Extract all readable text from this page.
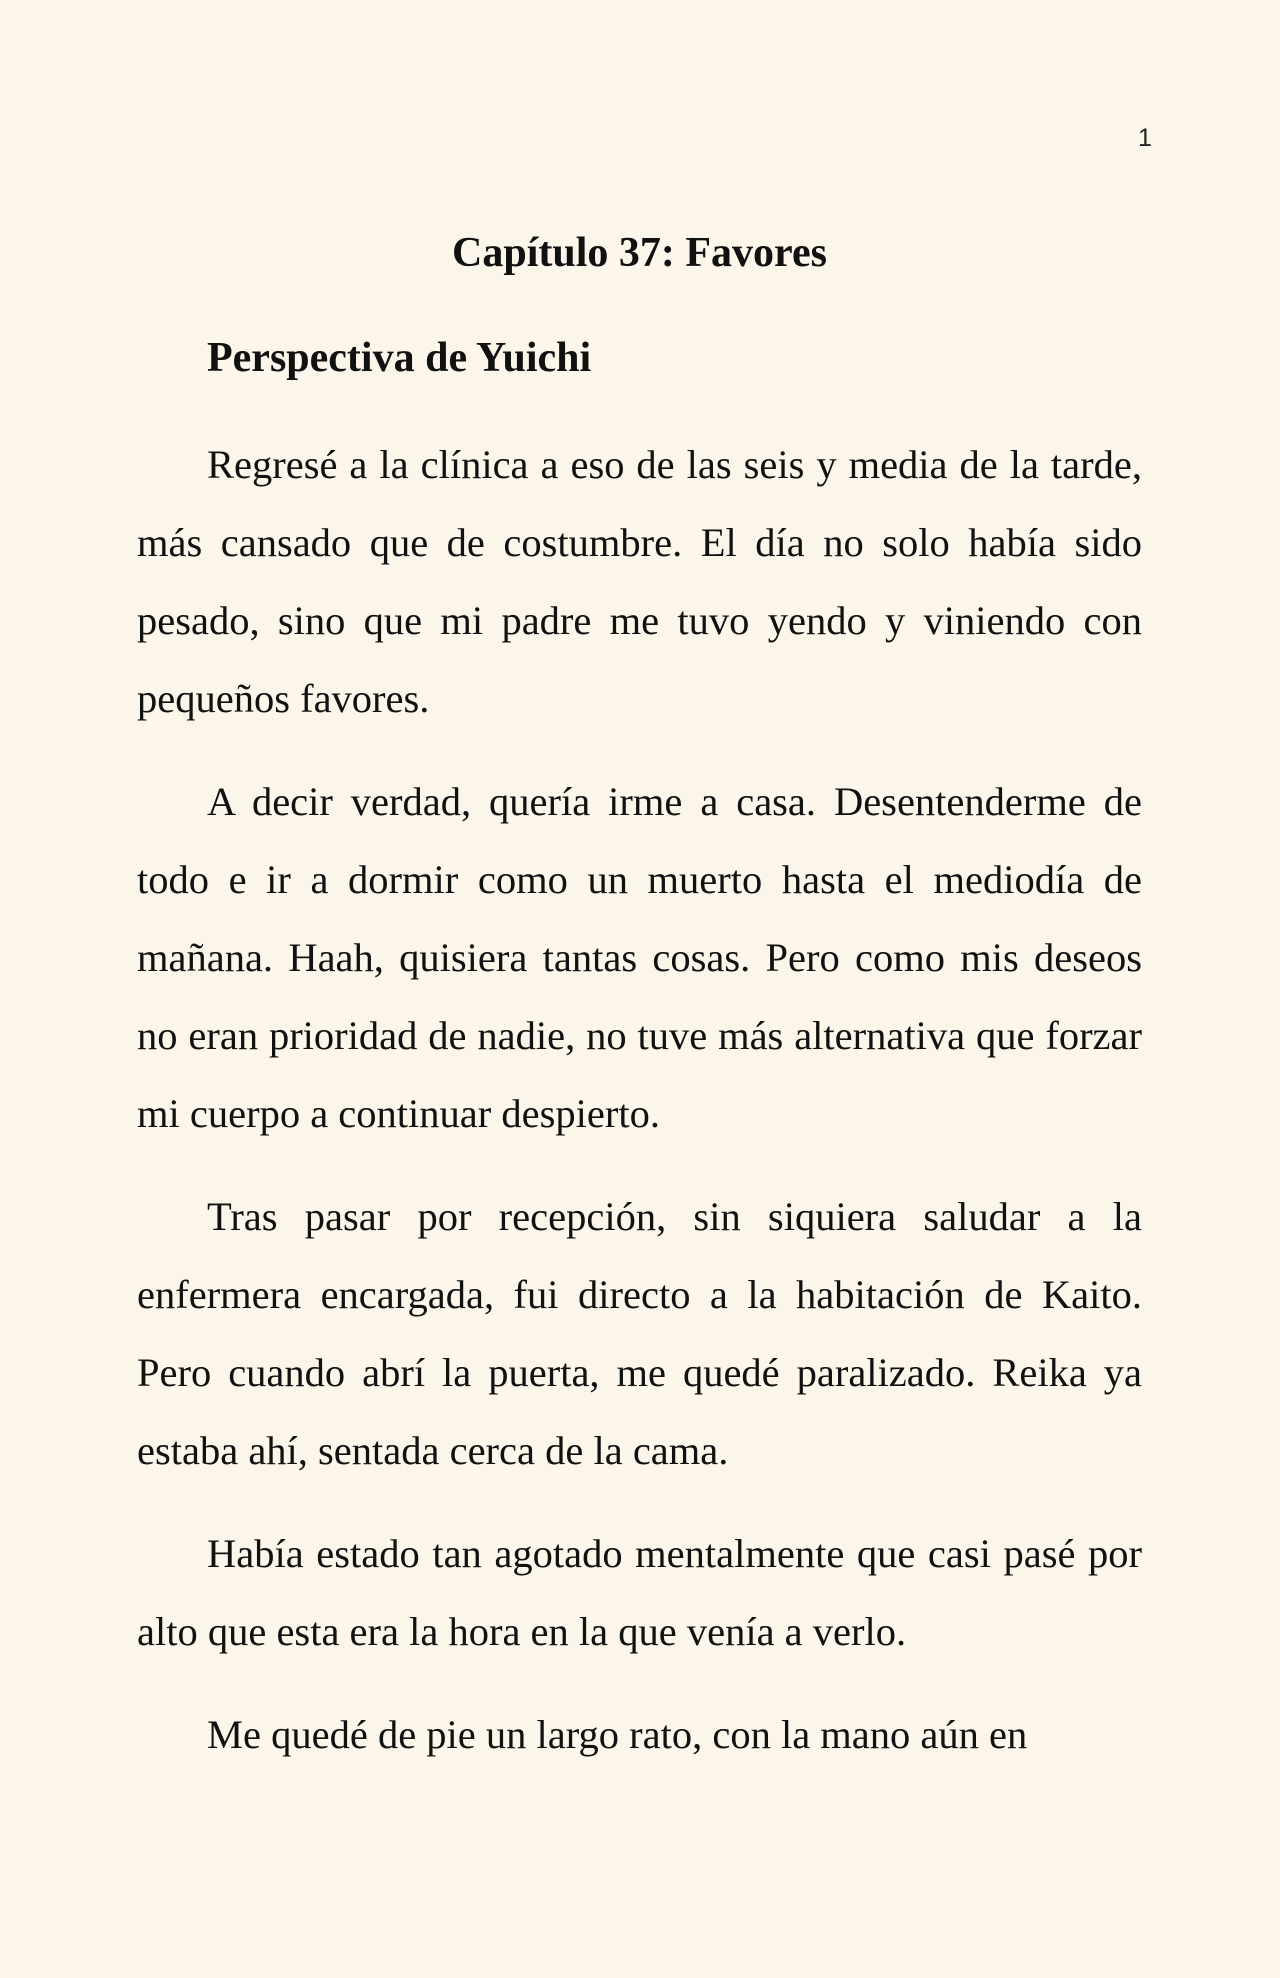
1
Capítulo 37: Favores
Perspectiva de Yuichi

Regresé a la clínica a eso de las seis y media de la tarde, más cansado que de costumbre. El día no solo había sido pesado, sino que mi padre me tuvo yendo y viniendo con pequeños favores.

A decir verdad, quería irme a casa. Desentenderme de todo e ir a dormir como un muerto hasta el mediodía de mañana. Haah, quisiera tantas cosas. Pero como mis deseos no eran prioridad de nadie, no tuve más alternativa que forzar mi cuerpo a continuar despierto.

Tras pasar por recepción, sin siquiera saludar a la enfermera encargada, fui directo a la habitación de Kaito. Pero cuando abrí la puerta, me quedé paralizado. Reika ya estaba ahí, sentada cerca de la cama.

Había estado tan agotado mentalmente que casi pasé por alto que esta era la hora en la que venía a verlo.

Me quedé de pie un largo rato, con la mano aún en
